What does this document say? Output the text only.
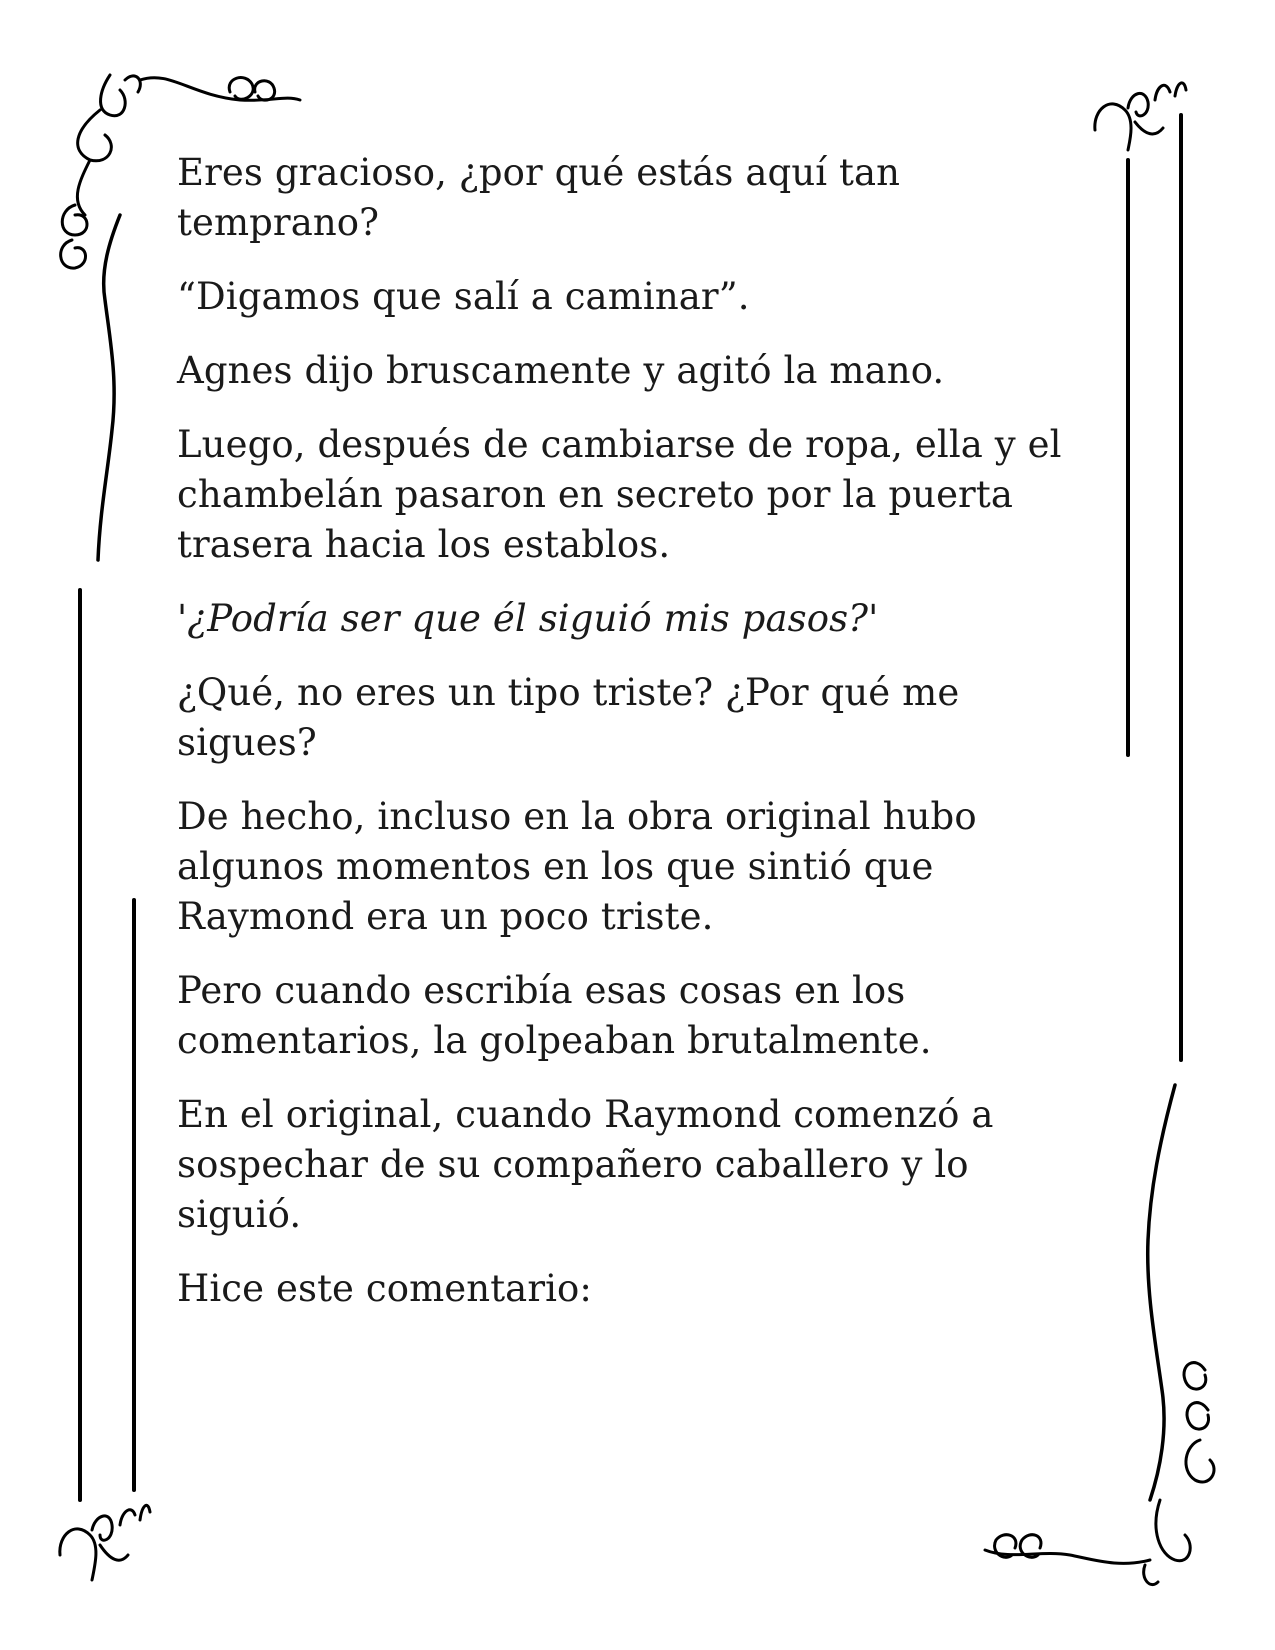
Eres gracioso, ¿por qué estás aquí tan temprano?

“Digamos que salí a caminar”.

Agnes dijo bruscamente y agitó la mano.

Luego, después de cambiarse de ropa, ella y el chambelán pasaron en secreto por la puerta trasera hacia los establos.

'¿Podría ser que él siguió mis pasos?'

¿Qué, no eres un tipo triste? ¿Por qué me sigues?

De hecho, incluso en la obra original hubo algunos momentos en los que sintió que Raymond era un poco triste.

Pero cuando escribía esas cosas en los comentarios, la golpeaban brutalmente.

En el original, cuando Raymond comenzó a sospechar de su compañero caballero y lo siguió.

Hice este comentario:
